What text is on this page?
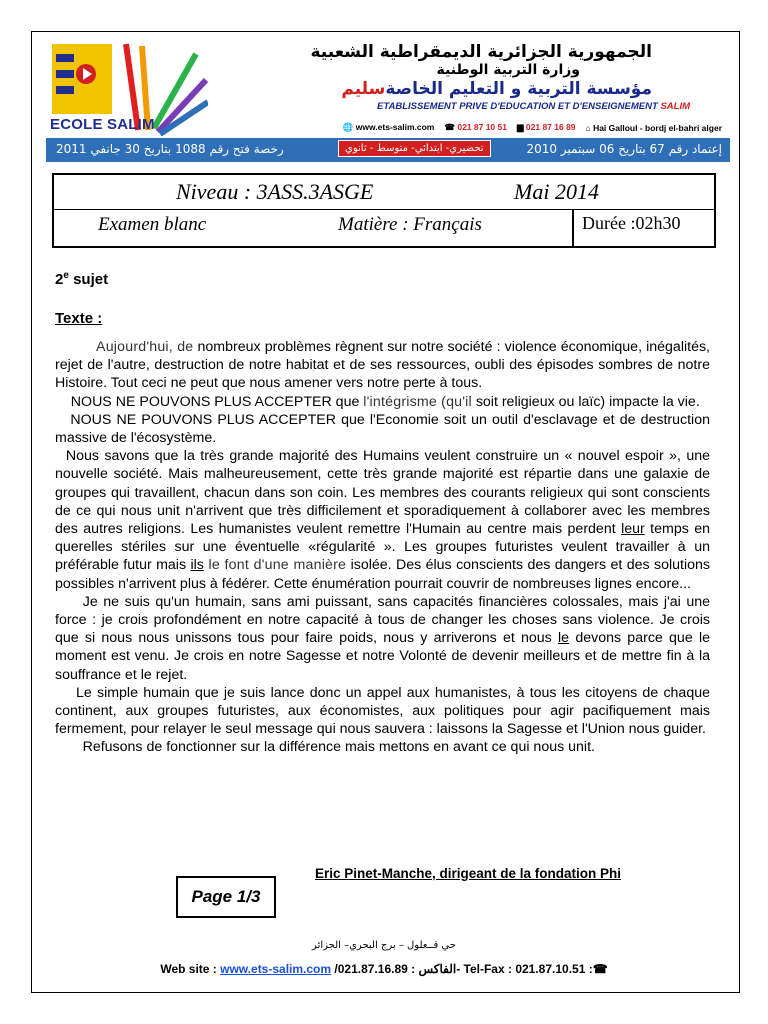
ECOLE SALIM
الجمهورية الجزائرية الديمقراطية الشعبية
وزارة التربية الوطنية
مؤسسة التربية و التعليم الخاصةسليم
ETABLISSEMENT PRIVE D'EDUCATION ET D'ENSEIGNEMENT SALIM
🌐 www.ets-salim.com ☎ 021 87 10 51 ▆ 021 87 16 89 ⌂ Hai Galloul - bordj el-bahri alger
رخصة فتح رقم 1088 بتاريخ 30 جانفي 2011	تحضيري- ابتدائي- متوسط - ثانوي	إعتماد رقم 67 بتاريخ 06 سبتمبر 2010
Niveau : 3ASS.3ASGE	Mai 2014
Examen blanc	Matière : Français	Durée :02h30
2e sujet
Texte :

Aujourd'hui, de nombreux problèmes règnent sur notre société : violence économique, inégalités, rejet de l'autre, destruction de notre habitat et de ses ressources, oubli des épisodes sombres de notre Histoire. Tout ceci ne peut que nous amener vers notre perte à tous.

NOUS NE POUVONS PLUS ACCEPTER que l'intégrisme (qu'il soit religieux ou laïc) impacte la vie.

NOUS NE POUVONS PLUS ACCEPTER que l'Economie soit un outil d'esclavage et de destruction massive de l'écosystème.

Nous savons que la très grande majorité des Humains veulent construire un « nouvel espoir », une nouvelle société. Mais malheureusement, cette très grande majorité est répartie dans une galaxie de groupes qui travaillent, chacun dans son coin. Les membres des courants religieux qui sont conscients de ce qui nous unit n'arrivent que très difficilement et sporadiquement à collaborer avec les membres des autres religions. Les humanistes veulent remettre l'Humain au centre mais perdent leur temps en querelles stériles sur une éventuelle «régularité ». Les groupes futuristes veulent travailler à un préférable futur mais ils le font d'une manière isolée. Des élus conscients des dangers et des solutions possibles n'arrivent plus à fédérer. Cette énumération pourrait couvrir de nombreuses lignes encore...

Je ne suis qu'un humain, sans ami puissant, sans capacités financières colossales, mais j'ai une force : je crois profondément en notre capacité à tous de changer les choses sans violence. Je crois que si nous nous unissons tous pour faire poids, nous y arriverons et nous le devons parce que le moment est venu. Je crois en notre Sagesse et notre Volonté de devenir meilleurs et de mettre fin à la souffrance et le rejet.

Le simple humain que je suis lance donc un appel aux humanistes, à tous les citoyens de chaque continent, aux groupes futuristes, aux économistes, aux politiques pour agir pacifiquement mais fermement, pour relayer le seul message qui nous sauvera : laissons la Sagesse et l'Union nous guider.

Refusons de fonctionner sur la différence mais mettons en avant ce qui nous unit.

Eric Pinet-Manche, dirigeant de la fondation Phi
Page 1/3
حي قــعلول – برج البحري– الجزائر
Web site : www.ets-salim.com /021.87.16.89 : الفاكس- Tel-Fax : 021.87.10.51 :☎
